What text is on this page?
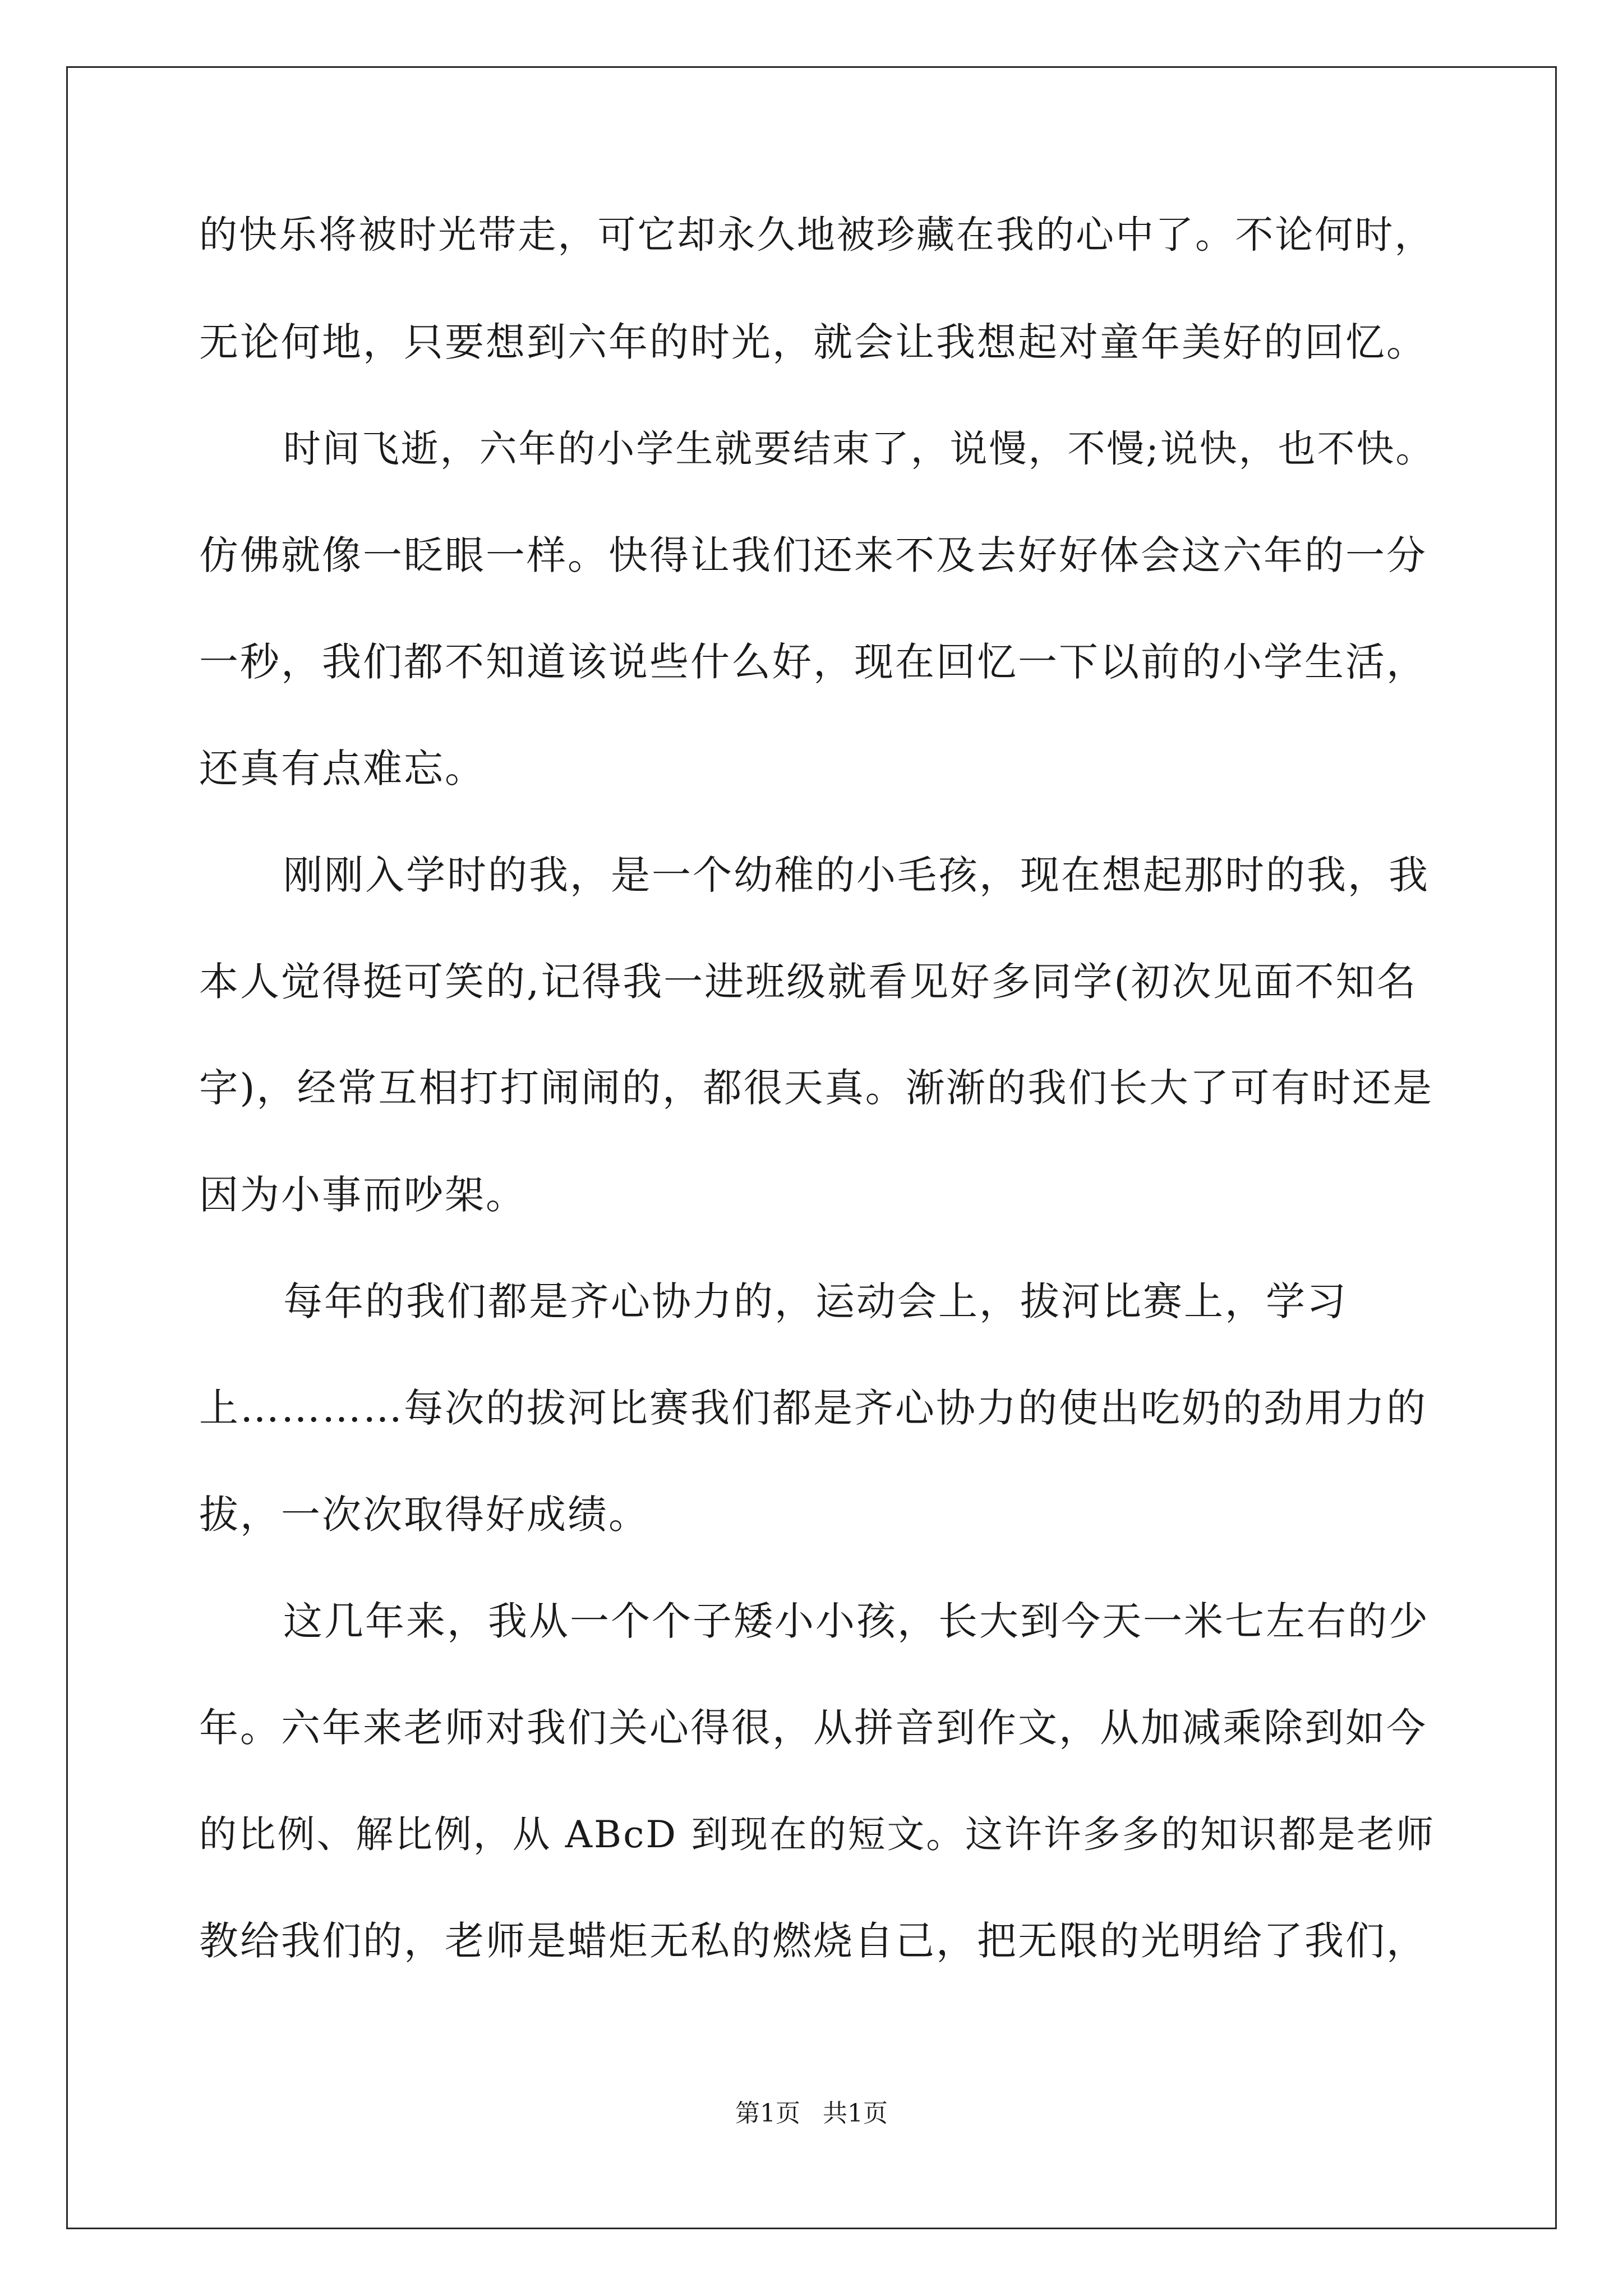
的快乐将被时光带走，可它却永久地被珍藏在我的心中了。不论何时，
无论何地，只要想到六年的时光，就会让我想起对童年美好的回忆。
时间飞逝，六年的小学生就要结束了，说慢，不慢;说快，也不快。
仿佛就像一眨眼一样。快得让我们还来不及去好好体会这六年的一分
一秒，我们都不知道该说些什么好，现在回忆一下以前的小学生活，
还真有点难忘。
刚刚入学时的我，是一个幼稚的小毛孩，现在想起那时的我，我
本人觉得挺可笑的,记得我一进班级就看见好多同学(初次见面不知名
字)，经常互相打打闹闹的，都很天真。渐渐的我们长大了可有时还是
因为小事而吵架。
每年的我们都是齐心协力的，运动会上，拔河比赛上，学习
上…………每次的拔河比赛我们都是齐心协力的使出吃奶的劲用力的
拔，一次次取得好成绩。
这几年来，我从一个个子矮小小孩，长大到今天一米七左右的少
年。六年来老师对我们关心得很，从拼音到作文，从加减乘除到如今
的比例、解比例，从 ABcD 到现在的短文。这许许多多的知识都是老师
教给我们的，老师是蜡炬无私的燃烧自己，把无限的光明给了我们，
第1页 共1页
